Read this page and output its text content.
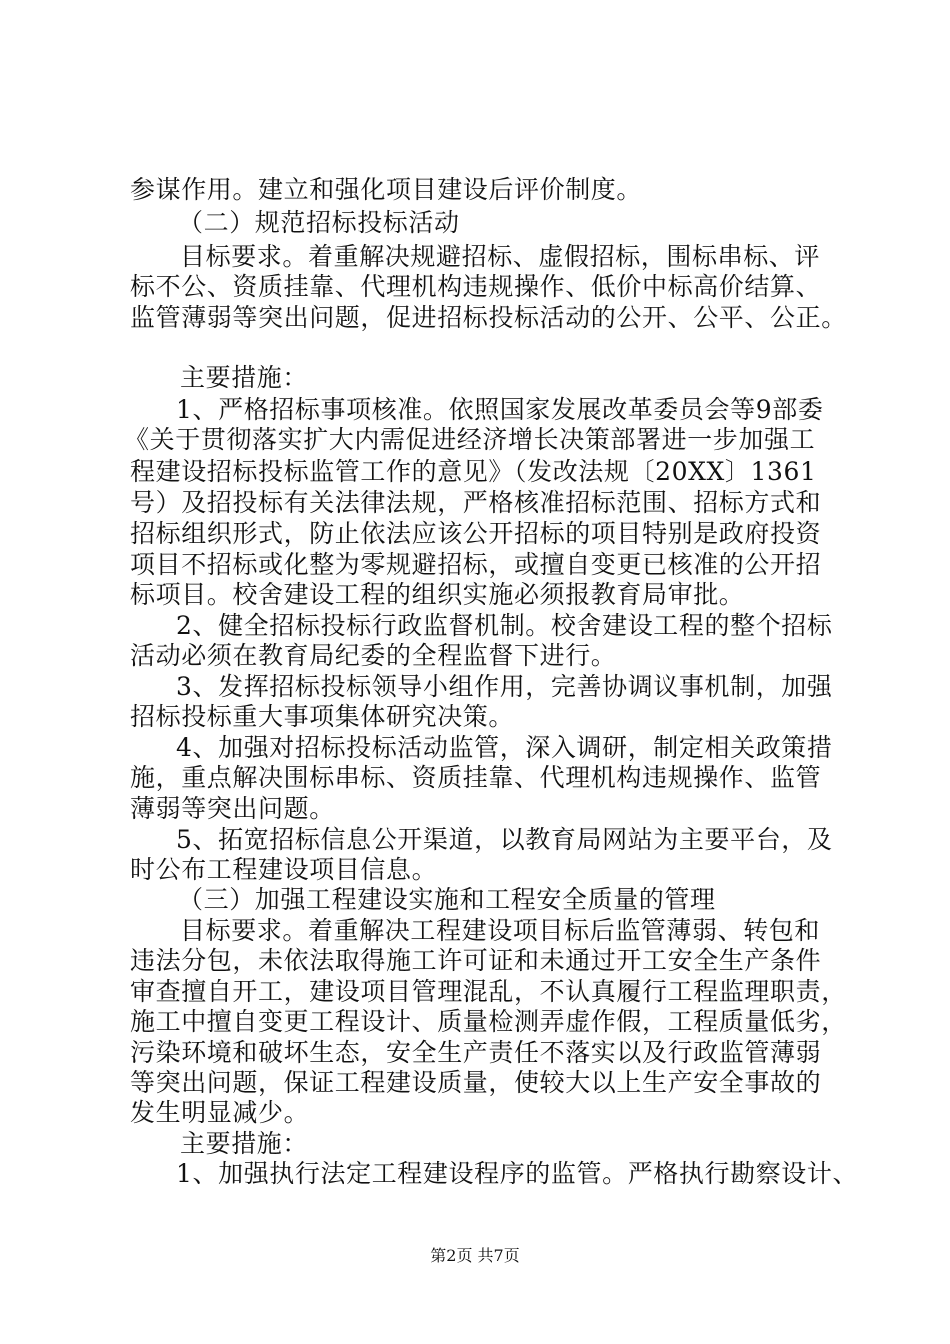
参谋作用。建立和强化项目建设后评价制度。
（二）规范招标投标活动
目标要求。着重解决规避招标、虚假招标，围标串标、评
标不公、资质挂靠、代理机构违规操作、低价中标高价结算、
监管薄弱等突出问题，促进招标投标活动的公开、公平、公正。
主要措施：
1、严格招标事项核准。依照国家发展改革委员会等9部委
《关于贯彻落实扩大内需促进经济增长决策部署进一步加强工
程建设招标投标监管工作的意见》（发改法规〔20XX〕1361
号）及招投标有关法律法规，严格核准招标范围、招标方式和
招标组织形式，防止依法应该公开招标的项目特别是政府投资
项目不招标或化整为零规避招标，或擅自变更已核准的公开招
标项目。校舍建设工程的组织实施必须报教育局审批。
2、健全招标投标行政监督机制。校舍建设工程的整个招标
活动必须在教育局纪委的全程监督下进行。
3、发挥招标投标领导小组作用，完善协调议事机制，加强
招标投标重大事项集体研究决策。
4、加强对招标投标活动监管，深入调研，制定相关政策措
施，重点解决围标串标、资质挂靠、代理机构违规操作、监管
薄弱等突出问题。
5、拓宽招标信息公开渠道，以教育局网站为主要平台，及
时公布工程建设项目信息。
（三）加强工程建设实施和工程安全质量的管理
目标要求。着重解决工程建设项目标后监管薄弱、转包和
违法分包，未依法取得施工许可证和未通过开工安全生产条件
审查擅自开工，建设项目管理混乱，不认真履行工程监理职责，
施工中擅自变更工程设计、质量检测弄虚作假，工程质量低劣，
污染环境和破坏生态，安全生产责任不落实以及行政监管薄弱
等突出问题，保证工程建设质量，使较大以上生产安全事故的
发生明显减少。
主要措施：
1、加强执行法定工程建设程序的监管。严格执行勘察设计、
第2页 共7页
